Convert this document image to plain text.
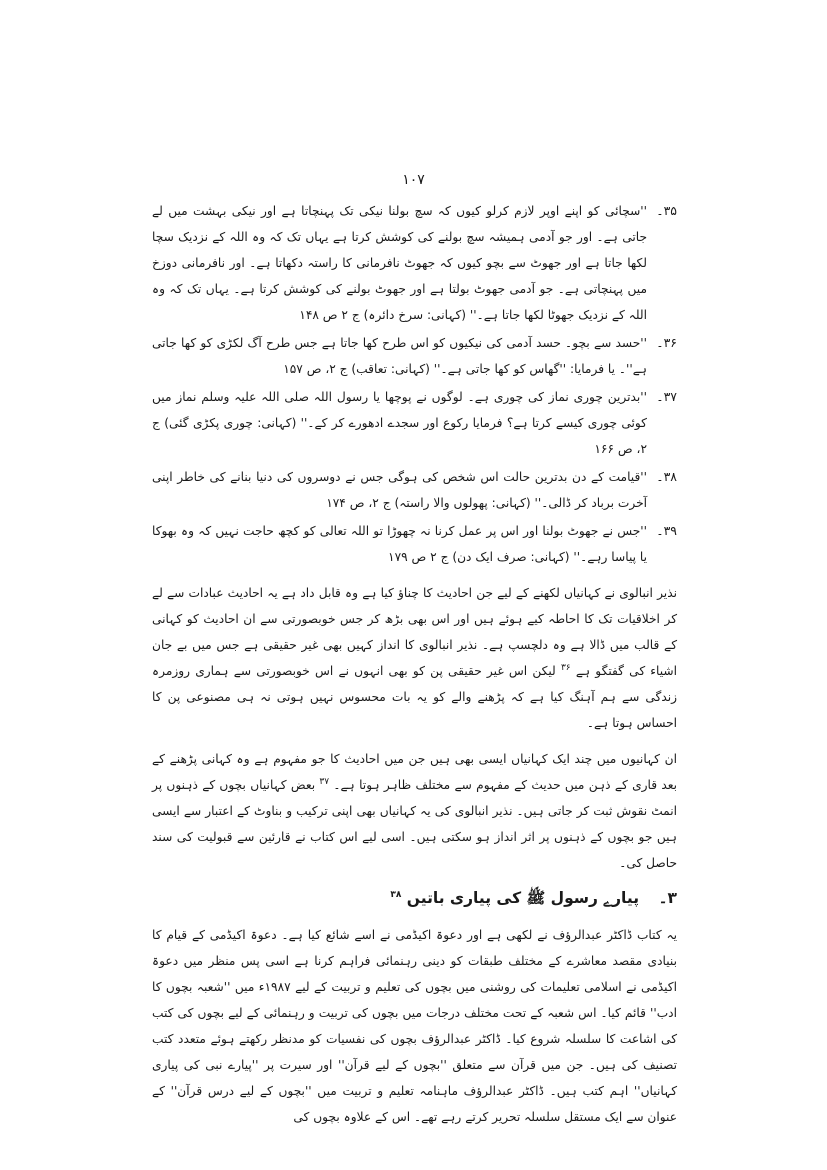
۱۰۷
۳۵۔
''سچائی کو اپنے اوپر لازم کرلو کیوں کہ سچ بولنا نیکی تک پہنچاتا ہے اور نیکی بہشت میں لے جاتی ہے۔ اور جو آدمی ہمیشہ سچ بولنے کی کوشش کرتا ہے یہاں تک کہ وہ اللہ کے نزدیک سچا لکھا جاتا ہے اور جھوٹ سے بچو کیوں کہ جھوٹ نافرمانی کا راستہ دکھاتا ہے۔ اور نافرمانی دوزخ میں پہنچاتی ہے۔ جو آدمی جھوٹ بولتا ہے اور جھوٹ بولنے کی کوشش کرتا ہے۔ یہاں تک کہ وہ اللہ کے نزدیک جھوٹا لکھا جاتا ہے۔'' (کہانی: سرخ دائرہ) ج ۲ ص ۱۴۸
۳۶۔
''حسد سے بچو۔ حسد آدمی کی نیکیوں کو اس طرح کھا جاتا ہے جس طرح آگ لکڑی کو کھا جاتی ہے''۔ یا فرمایا: ''گھاس کو کھا جاتی ہے۔'' (کہانی: تعاقب) ج ۲، ص ۱۵۷
۳۷۔
''بدترین چوری نماز کی چوری ہے۔ لوگوں نے پوچھا یا رسول اللہ صلی اللہ علیہ وسلم نماز میں کوئی چوری کیسے کرتا ہے؟ فرمایا رکوع اور سجدے ادھورے کر کے۔'' (کہانی: چوری پکڑی گئی) ج ۲، ص ۱۶۶
۳۸۔
''قیامت کے دن بدترین حالت اس شخص کی ہوگی جس نے دوسروں کی دنیا بنانے کی خاطر اپنی آخرت برباد کر ڈالی۔'' (کہانی: پھولوں والا راستہ) ج ۲، ص ۱۷۴
۳۹۔
''جس نے جھوٹ بولنا اور اس پر عمل کرنا نہ چھوڑا تو اللہ تعالی کو کچھ حاجت نہیں کہ وہ بھوکا یا پیاسا رہے۔'' (کہانی: صرف ایک دن) ج ۲ ص ۱۷۹

نذیر انبالوی نے کہانیاں لکھنے کے لیے جن احادیث کا چناؤ کیا ہے وہ قابل داد ہے یہ احادیث عبادات سے لے کر اخلاقیات تک کا احاطہ کیے ہوئے ہیں اور اس بھی بڑھ کر جس خوبصورتی سے ان احادیث کو کہانی کے قالب میں ڈالا ہے وہ دلچسپ ہے۔ نذیر انبالوی کا انداز کہیں بھی غیر حقیقی ہے جس میں بے جان اشیاء کی گفتگو ہے $^{۳۶}$ لیکن اس غیر حقیقی پن کو بھی انہوں نے اس خوبصورتی سے ہماری روزمرہ زندگی سے ہم آہنگ کیا ہے کہ پڑھنے والے کو یہ بات محسوس نہیں ہوتی نہ ہی مصنوعی پن کا احساس ہوتا ہے۔

ان کہانیوں میں چند ایک کہانیاں ایسی بھی ہیں جن میں احادیث کا جو مفہوم ہے وہ کہانی پڑھنے کے بعد قاری کے ذہن میں حدیث کے مفہوم سے مختلف ظاہر ہوتا ہے۔ $^{۳۷}$ بعض کہانیاں بچوں کے ذہنوں پر انمٹ نقوش ثبت کر جاتی ہیں۔ نذیر انبالوی کی یہ کہانیاں بھی اپنی ترکیب و بناوٹ کے اعتبار سے ایسی ہیں جو بچوں کے ذہنوں پر اثر انداز ہو سکتی ہیں۔ اسی لیے اس کتاب نے قارئین سے قبولیت کی سند حاصل کی۔

۳۔ پیارے رسول ﷺ کی پیاری باتیں $^{۳۸}$

یہ کتاب ڈاکٹر عبدالرؤف نے لکھی ہے اور دعوۃ اکیڈمی نے اسے شائع کیا ہے۔ دعوۃ اکیڈمی کے قیام کا بنیادی مقصد معاشرے کے مختلف طبقات کو دینی رہنمائی فراہم کرنا ہے اسی پس منظر میں دعوۃ اکیڈمی نے اسلامی تعلیمات کی روشنی میں بچوں کی تعلیم و تربیت کے لیے ۱۹۸۷ء میں ''شعبہ بچوں کا ادب'' قائم کیا۔ اس شعبہ کے تحت مختلف درجات میں بچوں کی تربیت و رہنمائی کے لیے بچوں کی کتب کی اشاعت کا سلسلہ شروع کیا۔ ڈاکٹر عبدالرؤف بچوں کی نفسیات کو مدنظر رکھتے ہوئے متعدد کتب تصنیف کی ہیں۔ جن میں قرآن سے متعلق ''بچوں کے لیے قرآن'' اور سیرت پر ''پیارے نبی کی پیاری کہانیاں'' اہم کتب ہیں۔ ڈاکٹر عبدالرؤف ماہنامہ تعلیم و تربیت میں ''بچوں کے لیے درس قرآن'' کے عنوان سے ایک مستقل سلسلہ تحریر کرتے رہے تھے۔ اس کے علاوہ بچوں کی
